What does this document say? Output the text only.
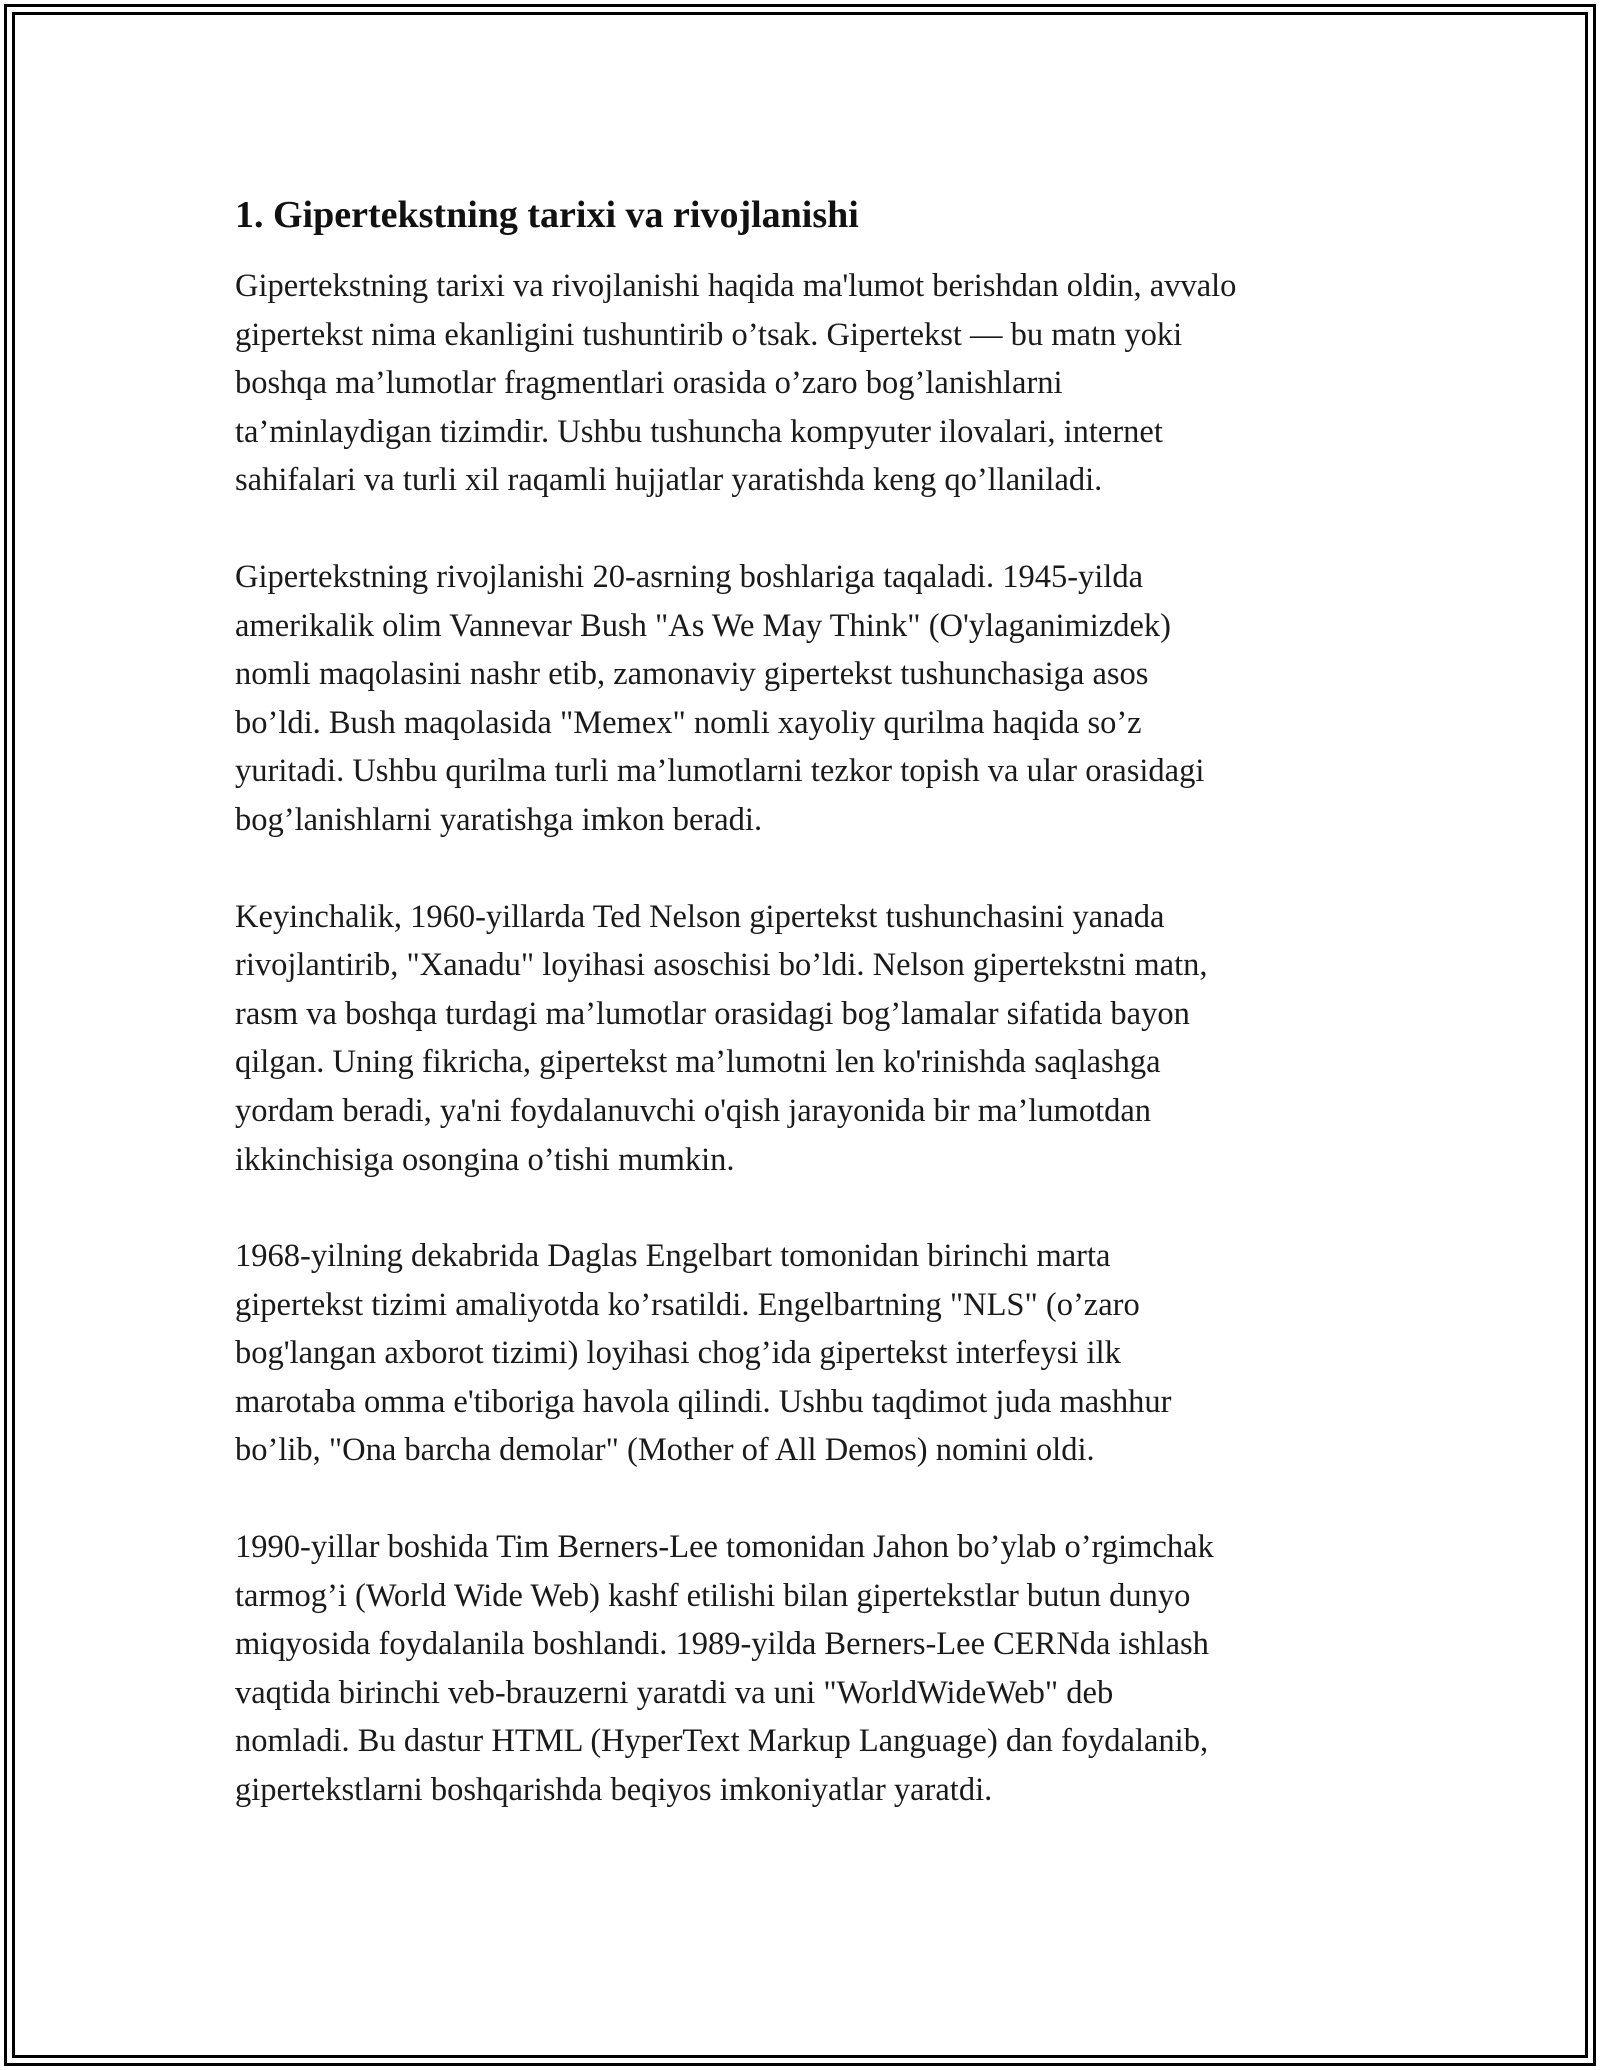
1. Gipertekstning tarixi va rivojlanishi

Gipertekstning tarixi va rivojlanishi haqida ma'lumot berishdan oldin, avvalo
gipertekst nima ekanligini tushuntirib o’tsak. Gipertekst — bu matn yoki
boshqa ma’lumotlar fragmentlari orasida o’zaro bog’lanishlarni
ta’minlaydigan tizimdir. Ushbu tushuncha kompyuter ilovalari, internet
sahifalari va turli xil raqamli hujjatlar yaratishda keng qo’llaniladi.

Gipertekstning rivojlanishi 20-asrning boshlariga taqaladi. 1945-yilda
amerikalik olim Vannevar Bush "As We May Think" (O'ylaganimizdek)
nomli maqolasini nashr etib, zamonaviy gipertekst tushunchasiga asos
bo’ldi. Bush maqolasida "Memex" nomli xayoliy qurilma haqida so’z
yuritadi. Ushbu qurilma turli ma’lumotlarni tezkor topish va ular orasidagi
bog’lanishlarni yaratishga imkon beradi.

Keyinchalik, 1960-yillarda Ted Nelson gipertekst tushunchasini yanada
rivojlantirib, "Xanadu" loyihasi asoschisi bo’ldi. Nelson gipertekstni matn,
rasm va boshqa turdagi ma’lumotlar orasidagi bog’lamalar sifatida bayon
qilgan. Uning fikricha, gipertekst ma’lumotni len ko'rinishda saqlashga
yordam beradi, ya'ni foydalanuvchi o'qish jarayonida bir ma’lumotdan
ikkinchisiga osongina o’tishi mumkin.

1968-yilning dekabrida Daglas Engelbart tomonidan birinchi marta
gipertekst tizimi amaliyotda ko’rsatildi. Engelbartning "NLS" (o’zaro
bog'langan axborot tizimi) loyihasi chog’ida gipertekst interfeysi ilk
marotaba omma e'tiboriga havola qilindi. Ushbu taqdimot juda mashhur
bo’lib, "Ona barcha demolar" (Mother of All Demos) nomini oldi.

1990-yillar boshida Tim Berners-Lee tomonidan Jahon bo’ylab o’rgimchak
tarmog’i (World Wide Web) kashf etilishi bilan gipertekstlar butun dunyo
miqyosida foydalanila boshlandi. 1989-yilda Berners-Lee CERNda ishlash
vaqtida birinchi veb-brauzerni yaratdi va uni "WorldWideWeb" deb
nomladi. Bu dastur HTML (HyperText Markup Language) dan foydalanib,
gipertekstlarni boshqarishda beqiyos imkoniyatlar yaratdi.
